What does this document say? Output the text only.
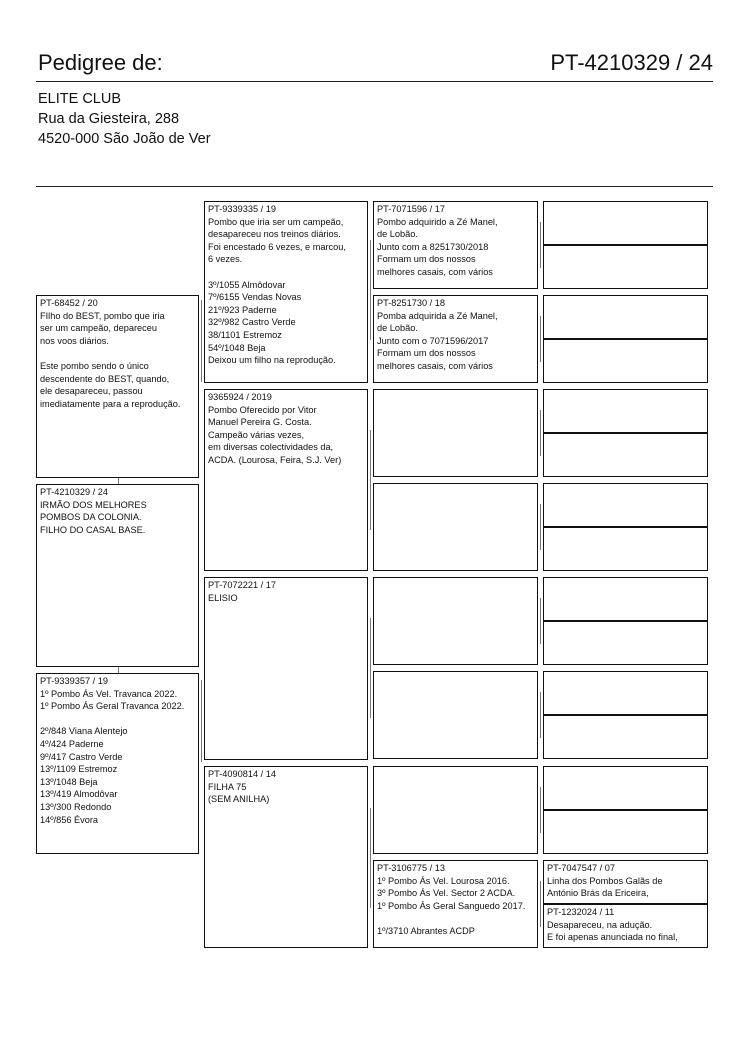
Pedigree de:	PT-4210329 / 24
ELITE CLUB
Rua da Giesteira, 288
4520-000 São João de Ver
PT-68452 / 20
FIlho do BEST, pombo que iria
ser um campeão, depareceu
nos voos diários.
Este pombo sendo o único
descendente do BEST, quando,
ele desapareceu, passou
imediatamente para a reprodução.
PT-4210329 / 24
IRMÃO DOS MELHORES
POMBOS DA COLONIA.
FILHO DO CASAL BASE.
PT-9339357 / 19
1º Pombo Ás Vel. Travanca 2022.
1º Pombo Ás Geral Travanca 2022.
2º/848 Viana Alentejo
4º/424 Paderne
9º/417 Castro Verde
13º/1109 Estremoz
13º/1048 Beja
13º/419 Almodôvar
13º/300 Redondo
14º/856 Évora
PT-9339335 / 19
Pombo que iria ser um campeão,
desapareceu nos treinos diários.
Foi encestado 6 vezes, e marcou,
6 vezes.
3º/1055 Almôdovar
7º/6155 Vendas Novas
21º/923 Paderne
32º/982 Castro Verde
38/1101 Estremoz
54º/1048 Beja
Deixou um filho na reprodução.
9365924 / 2019
Pombo Oferecido por Vitor
Manuel Pereira G. Costa.
Campeão várias vezes,
em diversas colectividades da,
ACDA. (Lourosa, Feira, S.J. Ver)
PT-7072221 / 17
ELISIO
PT-4090814 / 14
FILHA 75
(SEM ANILHA)
PT-7071596 / 17
Pombo adquirido a Zé Manel,
de Lobão.
Junto com a 8251730/2018
Formam um dos nossos
melhores casais, com vários
PT-8251730 / 18
Pomba adquirida a Zé Manel,
de Lobão.
Junto com o 7071596/2017
Formam um dos nossos
melhores casais, com vários
PT-3106775 / 13
1º Pombo Ás Vel. Lourosa 2016.
3º Pombo Ás Vel. Sector 2 ACDA.
1º Pombo Ás Geral Sanguedo 2017.
1º/3710 Abrantes ACDP
PT-7047547 / 07
Linha dos Pombos Galãs de
António Brás da Ericeira,
PT-1232024 / 11
Desapareceu, na adução.
E foi apenas anunciada no final,
